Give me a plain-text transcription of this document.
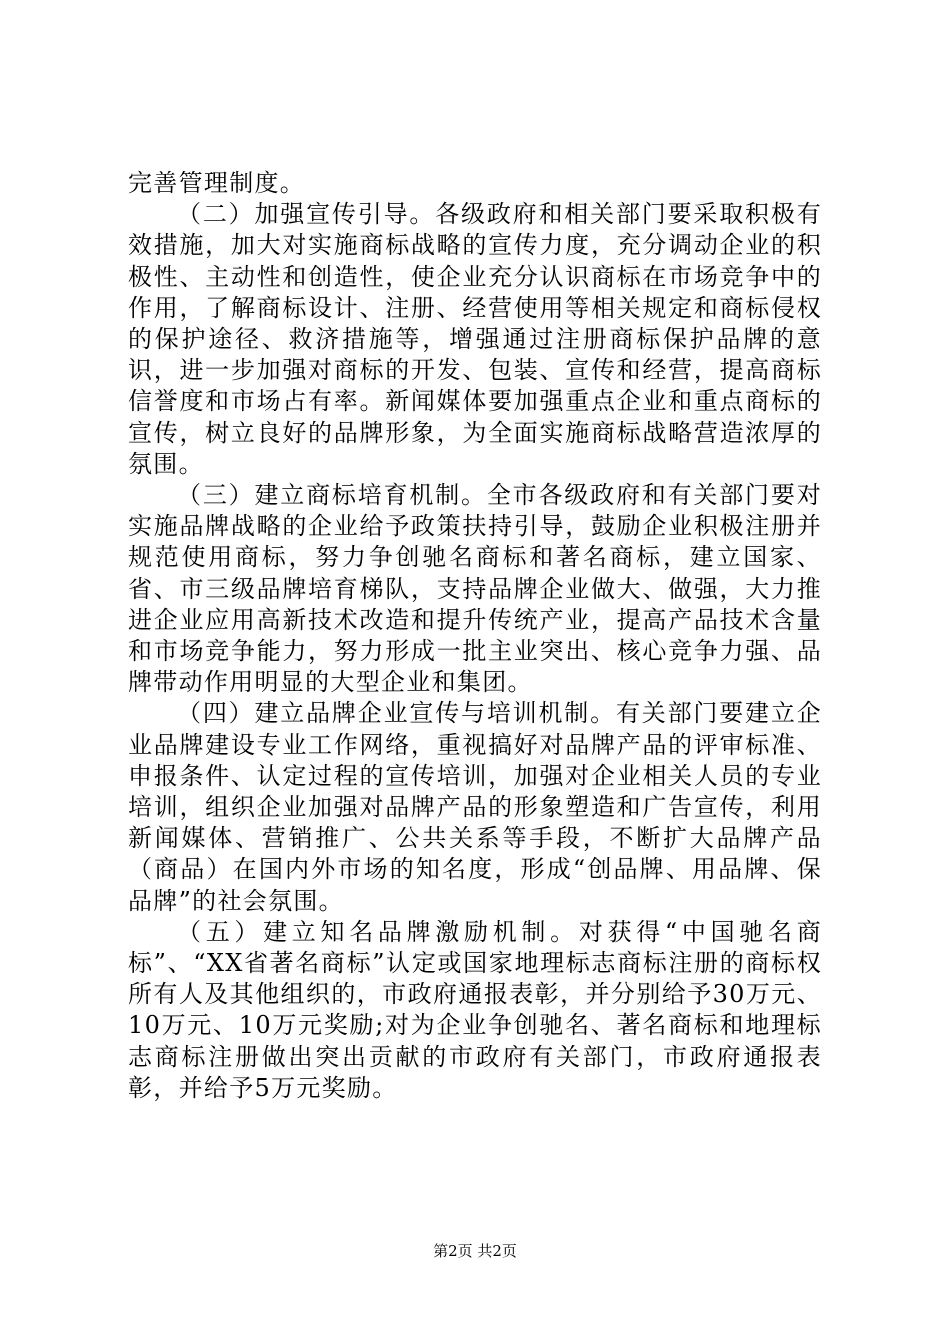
完善管理制度。

（二）加强宣传引导。各级政府和相关部门要采取积极有效措施，加大对实施商标战略的宣传力度，充分调动企业的积极性、主动性和创造性，使企业充分认识商标在市场竞争中的作用，了解商标设计、注册、经营使用等相关规定和商标侵权的保护途径、救济措施等，增强通过注册商标保护品牌的意识，进一步加强对商标的开发、包装、宣传和经营，提高商标信誉度和市场占有率。新闻媒体要加强重点企业和重点商标的宣传，树立良好的品牌形象，为全面实施商标战略营造浓厚的氛围。

（三）建立商标培育机制。全市各级政府和有关部门要对实施品牌战略的企业给予政策扶持引导，鼓励企业积极注册并规范使用商标，努力争创驰名商标和著名商标，建立国家、省、市三级品牌培育梯队，支持品牌企业做大、做强，大力推进企业应用高新技术改造和提升传统产业，提高产品技术含量和市场竞争能力，努力形成一批主业突出、核心竞争力强、品牌带动作用明显的大型企业和集团。

（四）建立品牌企业宣传与培训机制。有关部门要建立企业品牌建设专业工作网络，重视搞好对品牌产品的评审标准、申报条件、认定过程的宣传培训，加强对企业相关人员的专业培训，组织企业加强对品牌产品的形象塑造和广告宣传，利用新闻媒体、营销推广、公共关系等手段，不断扩大品牌产品（商品）在国内外市场的知名度，形成“创品牌、用品牌、保品牌”的社会氛围。

（五）建立知名品牌激励机制。对获得“中国驰名商标”、“XX省著名商标”认定或国家地理标志商标注册的商标权所有人及其他组织的，市政府通报表彰，并分别给予30万元、10万元、10万元奖励;对为企业争创驰名、著名商标和地理标志商标注册做出突出贡献的市政府有关部门，市政府通报表彰，并给予5万元奖励。

第2页 共2页
